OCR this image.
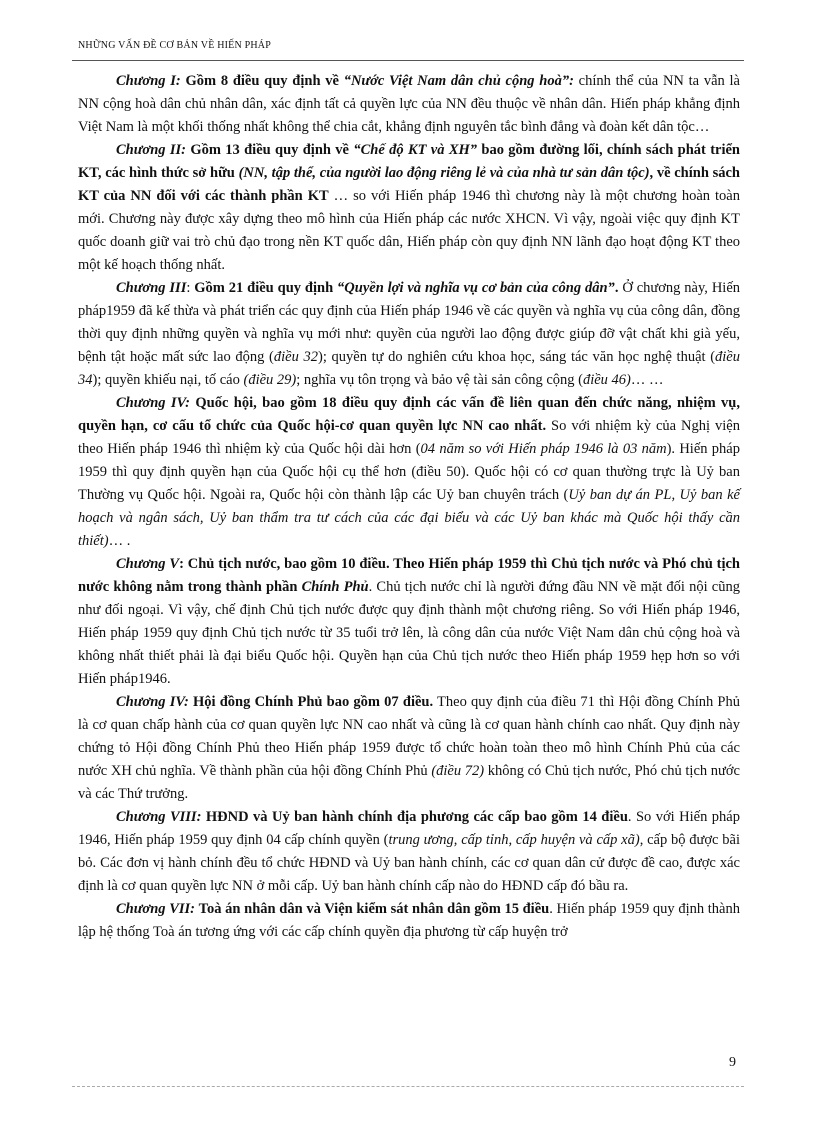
NHỮNG VẤN ĐỀ CƠ BẢN VỀ HIẾN PHÁP

Chương I: Gồm 8 điều quy định về “Nước Việt Nam dân chủ cộng hoà”: chính thể của NN ta vẫn là NN cộng hoà dân chủ nhân dân, xác định tất cả quyền lực của NN đều thuộc về nhân dân. Hiến pháp khẳng định Việt Nam là một khối thống nhất không thể chia cắt, khẳng định nguyên tắc bình đẳng và đoàn kết dân tộc…

Chương II: Gồm 13 điều quy định về “Chế độ KT và XH” bao gồm đường lối, chính sách phát triển KT, các hình thức sở hữu (NN, tập thể, của người lao động riêng lẻ và của nhà tư sản dân tộc), về chính sách KT của NN đối với các thành phần KT … so với Hiến pháp 1946 thì chương này là một chương hoàn toàn mới. Chương này được xây dựng theo mô hình của Hiến pháp các nước XHCN. Vì vậy, ngoài việc quy định KT quốc doanh giữ vai trò chủ đạo trong nền KT quốc dân, Hiến pháp còn quy định NN lãnh đạo hoạt động KT theo một kế hoạch thống nhất.

Chương III: Gồm 21 điều quy định “Quyền lợi và nghĩa vụ cơ bản của công dân”. Ở chương này, Hiến pháp1959 đã kế thừa và phát triển các quy định của Hiến pháp 1946 về các quyền và nghĩa vụ của công dân, đồng thời quy định những quyền và nghĩa vụ mới như: quyền của người lao động được giúp đỡ vật chất khi già yếu, bệnh tật hoặc mất sức lao động (điều 32); quyền tự do nghiên cứu khoa học, sáng tác văn học nghệ thuật (điều 34); quyền khiếu nại, tố cáo (điều 29); nghĩa vụ tôn trọng và bảo vệ tài sản công cộng (điều 46)… …

Chương IV: Quốc hội, bao gồm 18 điều quy định các vấn đề liên quan đến chức năng, nhiệm vụ, quyền hạn, cơ cấu tổ chức của Quốc hội-cơ quan quyền lực NN cao nhất. So với nhiệm kỳ của Nghị viện theo Hiến pháp 1946 thì nhiệm kỳ của Quốc hội dài hơn (04 năm so với Hiến pháp 1946 là 03 năm). Hiến pháp 1959 thì quy định quyền hạn của Quốc hội cụ thể hơn (điều 50). Quốc hội có cơ quan thường trực là Uỷ ban Thường vụ Quốc hội. Ngoài ra, Quốc hội còn thành lập các Uỷ ban chuyên trách (Uỷ ban dự án PL, Uỷ ban kế hoạch và ngân sách, Uỷ ban thẩm tra tư cách của các đại biểu và các Uỷ ban khác mà Quốc hội thấy cần thiết)… .

Chương V: Chủ tịch nước, bao gồm 10 điều. Theo Hiến pháp 1959 thì Chủ tịch nước và Phó chủ tịch nước không nằm trong thành phần Chính Phủ. Chủ tịch nước chỉ là người đứng đầu NN về mặt đối nội cũng như đối ngoại. Vì vậy, chế định Chủ tịch nước được quy định thành một chương riêng. So với Hiến pháp 1946, Hiến pháp 1959 quy định Chủ tịch nước từ 35 tuổi trở lên, là công dân của nước Việt Nam dân chủ cộng hoà và không nhất thiết phải là đại biểu Quốc hội. Quyền hạn của Chủ tịch nước theo Hiến pháp 1959 hẹp hơn so với Hiến pháp1946.

Chương IV: Hội đồng Chính Phủ bao gồm 07 điều. Theo quy định của điều 71 thì Hội đồng Chính Phủ là cơ quan chấp hành của cơ quan quyền lực NN cao nhất và cũng là cơ quan hành chính cao nhất. Quy định này chứng tỏ Hội đồng Chính Phủ theo Hiến pháp 1959 được tổ chức hoàn toàn theo mô hình Chính Phủ của các nước XH chủ nghĩa. Về thành phần của hội đồng Chính Phủ (điều 72) không có Chủ tịch nước, Phó chủ tịch nước và các Thứ trưởng.

Chương VIII: HĐND và Uỷ ban hành chính địa phương các cấp bao gồm 14 điều. So với Hiến pháp 1946, Hiến pháp 1959 quy định 04 cấp chính quyền (trung ương, cấp tỉnh, cấp huyện và cấp xã), cấp bộ được bãi bỏ. Các đơn vị hành chính đều tổ chức HĐND và Uỷ ban hành chính, các cơ quan dân cử được đề cao, được xác định là cơ quan quyền lực NN ở mỗi cấp. Uỷ ban hành chính cấp nào do HĐND cấp đó bầu ra.

Chương VII: Toà án nhân dân và Viện kiểm sát nhân dân gồm 15 điều. Hiến pháp 1959 quy định thành lập hệ thống Toà án tương ứng với các cấp chính quyền địa phương từ cấp huyện trở

9
